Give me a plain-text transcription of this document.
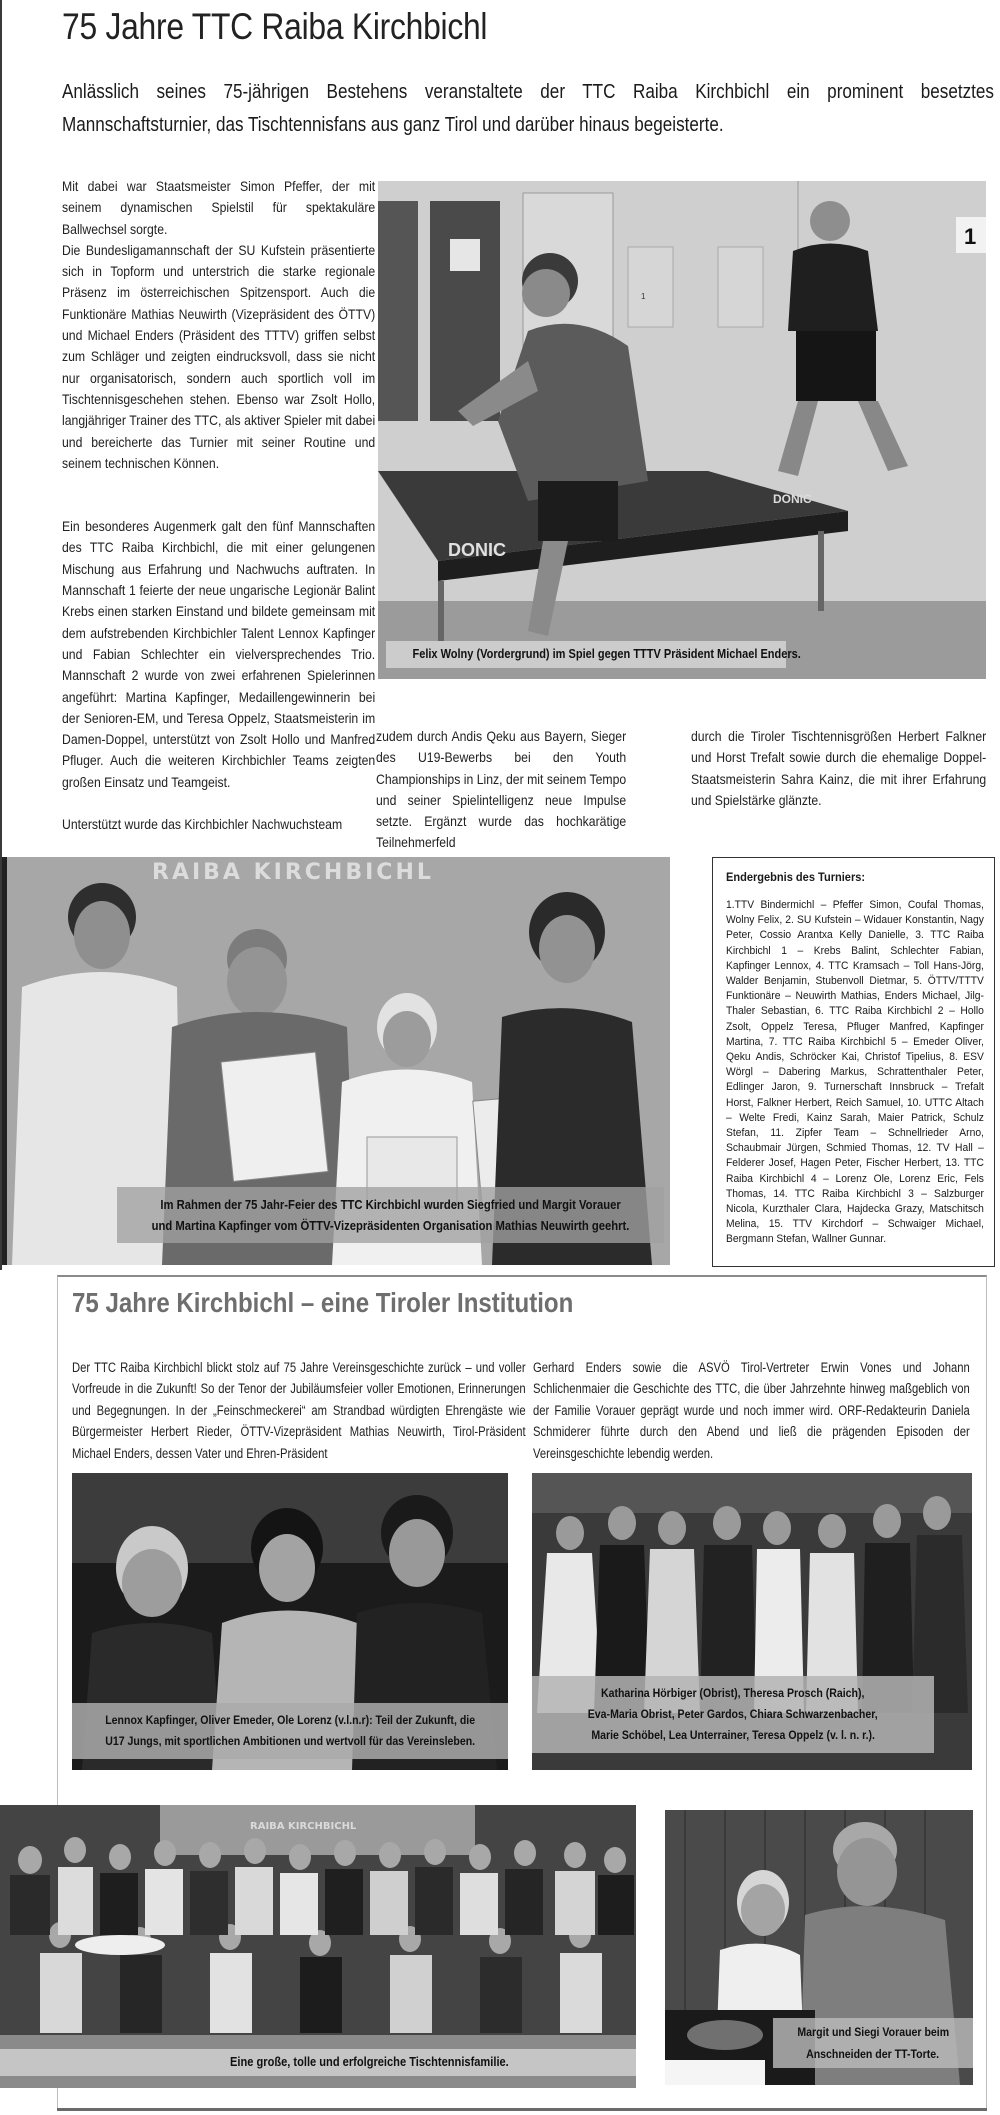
75 Jahre TTC Raiba Kirchbichl

Anlässlich seines 75-jährigen Bestehens veranstaltete der TTC Raiba Kirchbichl ein prominent besetztes Mannschaftsturnier, das Tischtennisfans aus ganz Tirol und darüber hinaus begeisterte.

Mit dabei war Staatsmeister Simon Pfeffer, der mit seinem dynamischen Spielstil für spektakuläre Ballwechsel sorgte.
Die Bundesligamannschaft der SU Kufstein präsentierte sich in Topform und unterstrich die starke regionale Präsenz im österreichischen Spitzensport. Auch die Funktionäre Mathias Neuwirth (Vizepräsident des ÖTTV) und Michael Enders (Präsident des TTTV) griffen selbst zum Schläger und zeigten eindrucksvoll, dass sie nicht nur organisatorisch, sondern auch sportlich voll im Tischtennisgeschehen stehen. Ebenso war Zsolt Hollo, langjähriger Trainer des TTC, als aktiver Spieler mit dabei und bereicherte das Turnier mit seiner Routine und seinem technischen Können.

Ein besonderes Augenmerk galt den fünf Mannschaften des TTC Raiba Kirchbichl, die mit einer gelungenen Mischung aus Erfahrung und Nachwuchs auftraten. In Mannschaft 1 feierte der neue ungarische Legionär Balint Krebs einen starken Einstand und bildete gemeinsam mit dem aufstrebenden Kirchbichler Talent Lennox Kapfinger und Fabian Schlechter ein vielversprechendes Trio. Mannschaft 2 wurde von zwei erfahrenen Spielerinnen angeführt: Martina Kapfinger, Medaillengewinnerin bei der Senioren-EM, und Teresa Oppelz, Staatsmeisterin im Damen-Doppel, unterstützt von Zsolt Hollo und Manfred Pfluger. Auch die weiteren Kirchbichler Teams zeigten großen Einsatz und Teamgeist.

Unterstützt wurde das Kirchbichler Nachwuchsteam

DONIC
DONIC
1
1
Felix Wolny (Vordergrund) im Spiel gegen TTTV Präsident Michael Enders.
zudem durch Andis Qeku aus Bayern, Sieger des U19-Bewerbs bei den Youth Championships in Linz, der mit seinem Tempo und seiner Spielintelligenz neue Impulse setzte. Ergänzt wurde das hochkarätige Teilnehmerfeld
durch die Tiroler Tischtennisgrößen Herbert Falkner und Horst Trefalt sowie durch die ehemalige Doppel-Staatsmeisterin Sahra Kainz, die mit ihrer Erfahrung und Spielstärke glänzte.
RAIBA KIRCHBICHL
Im Rahmen der 75 Jahr-Feier des TTC Kirchbichl wurden Siegfried und Margit Vorauer
und Martina Kapfinger vom ÖTTV-Vizepräsidenten Organisation Mathias Neuwirth geehrt.
Endergebnis des Turniers:
1.TTV Bindermichl – Pfeffer Simon, Coufal Thomas, Wolny Felix, 2. SU Kufstein – Widauer Konstantin, Nagy Peter, Cossio Arantxa Kelly Danielle, 3. TTC Raiba Kirchbichl 1 – Krebs Balint, Schlechter Fabian, Kapfinger Lennox, 4. TTC Kramsach – Toll Hans-Jörg, Walder Benjamin, Stubenvoll Dietmar, 5. ÖTTV/TTTV Funktionäre – Neuwirth Mathias, Enders Michael, Jilg-Thaler Sebastian, 6. TTC Raiba Kirchbichl 2 – Hollo Zsolt, Oppelz Teresa, Pfluger Manfred, Kapfinger Martina, 7. TTC Raiba Kirchbichl 5 – Emeder Oliver, Qeku Andis, Schröcker Kai, Christof Tipelius, 8. ESV Wörgl – Dabering Markus, Schrattenthaler Peter, Edlinger Jaron, 9. Turnerschaft Innsbruck – Trefalt Horst, Falkner Herbert, Reich Samuel, 10. UTTC Altach – Welte Fredi, Kainz Sarah, Maier Patrick, Schulz Stefan, 11. Zipfer Team – Schnellrieder Arno, Schaubmair Jürgen, Schmied Thomas, 12. TV Hall – Felderer Josef, Hagen Peter, Fischer Herbert, 13. TTC Raiba Kirchbichl 4 – Lorenz Ole, Lorenz Eric, Fels Thomas, 14. TTC Raiba Kirchbichl 3 – Salzburger Nicola, Kurzthaler Clara, Hajdecka Grazy, Matschitsch Melina, 15. TTV Kirchdorf – Schwaiger Michael, Bergmann Stefan, Wallner Gunnar.
75 Jahre Kirchbichl – eine Tiroler Institution
Der TTC Raiba Kirchbichl blickt stolz auf 75 Jahre Vereinsgeschichte zurück – und voller Vorfreude in die Zukunft! So der Tenor der Jubiläumsfeier voller Emotionen, Erinnerungen und Begegnungen. In der „Feinschmeckerei“ am Strandbad würdigten Ehrengäste wie Bürgermeister Herbert Rieder, ÖTTV-Vizepräsident Mathias Neuwirth, Tirol-Präsident Michael Enders, dessen Vater und Ehren-Präsident
Gerhard Enders sowie die ASVÖ Tirol-Vertreter Erwin Vones und Johann Schlichenmaier die Geschichte des TTC, die über Jahrzehnte hinweg maßgeblich von der Familie Vorauer geprägt wurde und noch immer wird. ORF-Redakteurin Daniela Schmiderer führte durch den Abend und ließ die prägenden Episoden der Vereinsgeschichte lebendig werden.
Lennox Kapfinger, Oliver Emeder, Ole Lorenz (v.l.n.r): Teil der Zukunft, die
U17 Jungs, mit sportlichen Ambitionen und wertvoll für das Vereinsleben.
Katharina Hörbiger (Obrist), Theresa Prosch (Raich),
Eva-Maria Obrist, Peter Gardos, Chiara Schwarzenbacher,
Marie Schöbel, Lea Unterrainer, Teresa Oppelz (v. l. n. r.).
RAIBA KIRCHBICHL
Eine große, tolle und erfolgreiche Tischtennisfamilie.
Margit und Siegi Vorauer beim
Anschneiden der TT-Torte.
